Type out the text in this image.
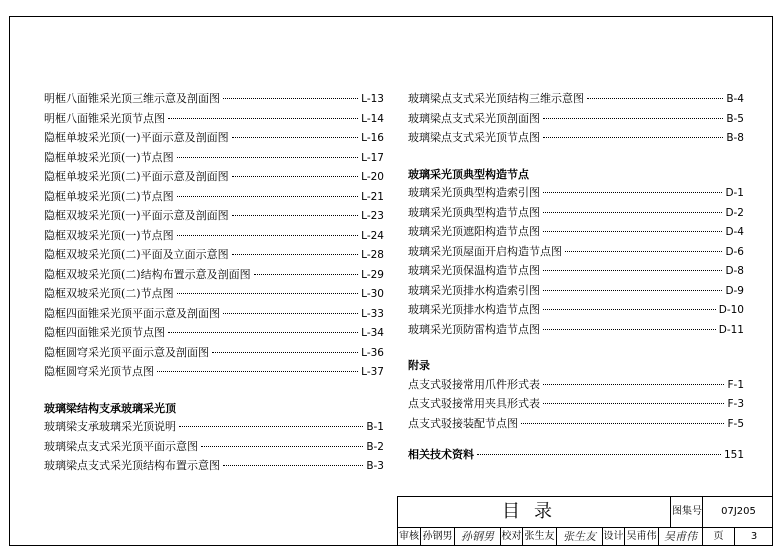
明框八面锥采光顶三维示意及剖面图	L-13
明框八面锥采光顶节点图	L-14
隐框单坡采光顶(一)平面示意及剖面图	L-16
隐框单坡采光顶(一)节点图	L-17
隐框单坡采光顶(二)平面示意及剖面图	L-20
隐框单坡采光顶(二)节点图	L-21
隐框双坡采光顶(一)平面示意及剖面图	L-23
隐框双坡采光顶(一)节点图	L-24
隐框双坡采光顶(二)平面及立面示意图	L-28
隐框双坡采光顶(二)结构布置示意及剖面图	L-29
隐框双坡采光顶(二)节点图	L-30
隐框四面锥采光顶平面示意及剖面图	L-33
隐框四面锥采光顶节点图	L-34
隐框圆穹采光顶平面示意及剖面图	L-36
隐框圆穹采光顶节点图	L-37
玻璃梁结构支承玻璃采光顶
玻璃梁支承玻璃采光顶说明	B-1
玻璃梁点支式采光顶平面示意图	B-2
玻璃梁点支式采光顶结构布置示意图	B-3
玻璃梁点支式采光顶结构三维示意图	B-4
玻璃梁点支式采光顶剖面图	B-5
玻璃梁点支式采光顶节点图	B-8
玻璃采光顶典型构造节点
玻璃采光顶典型构造索引图	D-1
玻璃采光顶典型构造节点图	D-2
玻璃采光顶遮阳构造节点图	D-4
玻璃采光顶屋面开启构造节点图	D-6
玻璃采光顶保温构造节点图	D-8
玻璃采光顶排水构造索引图	D-9
玻璃采光顶排水构造节点图	D-10
玻璃采光顶防雷构造节点图	D-11
附录
点支式驳接常用爪件形式表	F-1
点支式驳接常用夹具形式表	F-3
点支式驳接装配节点图	F-5
相关技术资料	151
目录	图集号	07J205
审核 孙钢男 孙钢男 校对 张生友 张生友 设计 吴甫伟 吴甫伟	页	3
